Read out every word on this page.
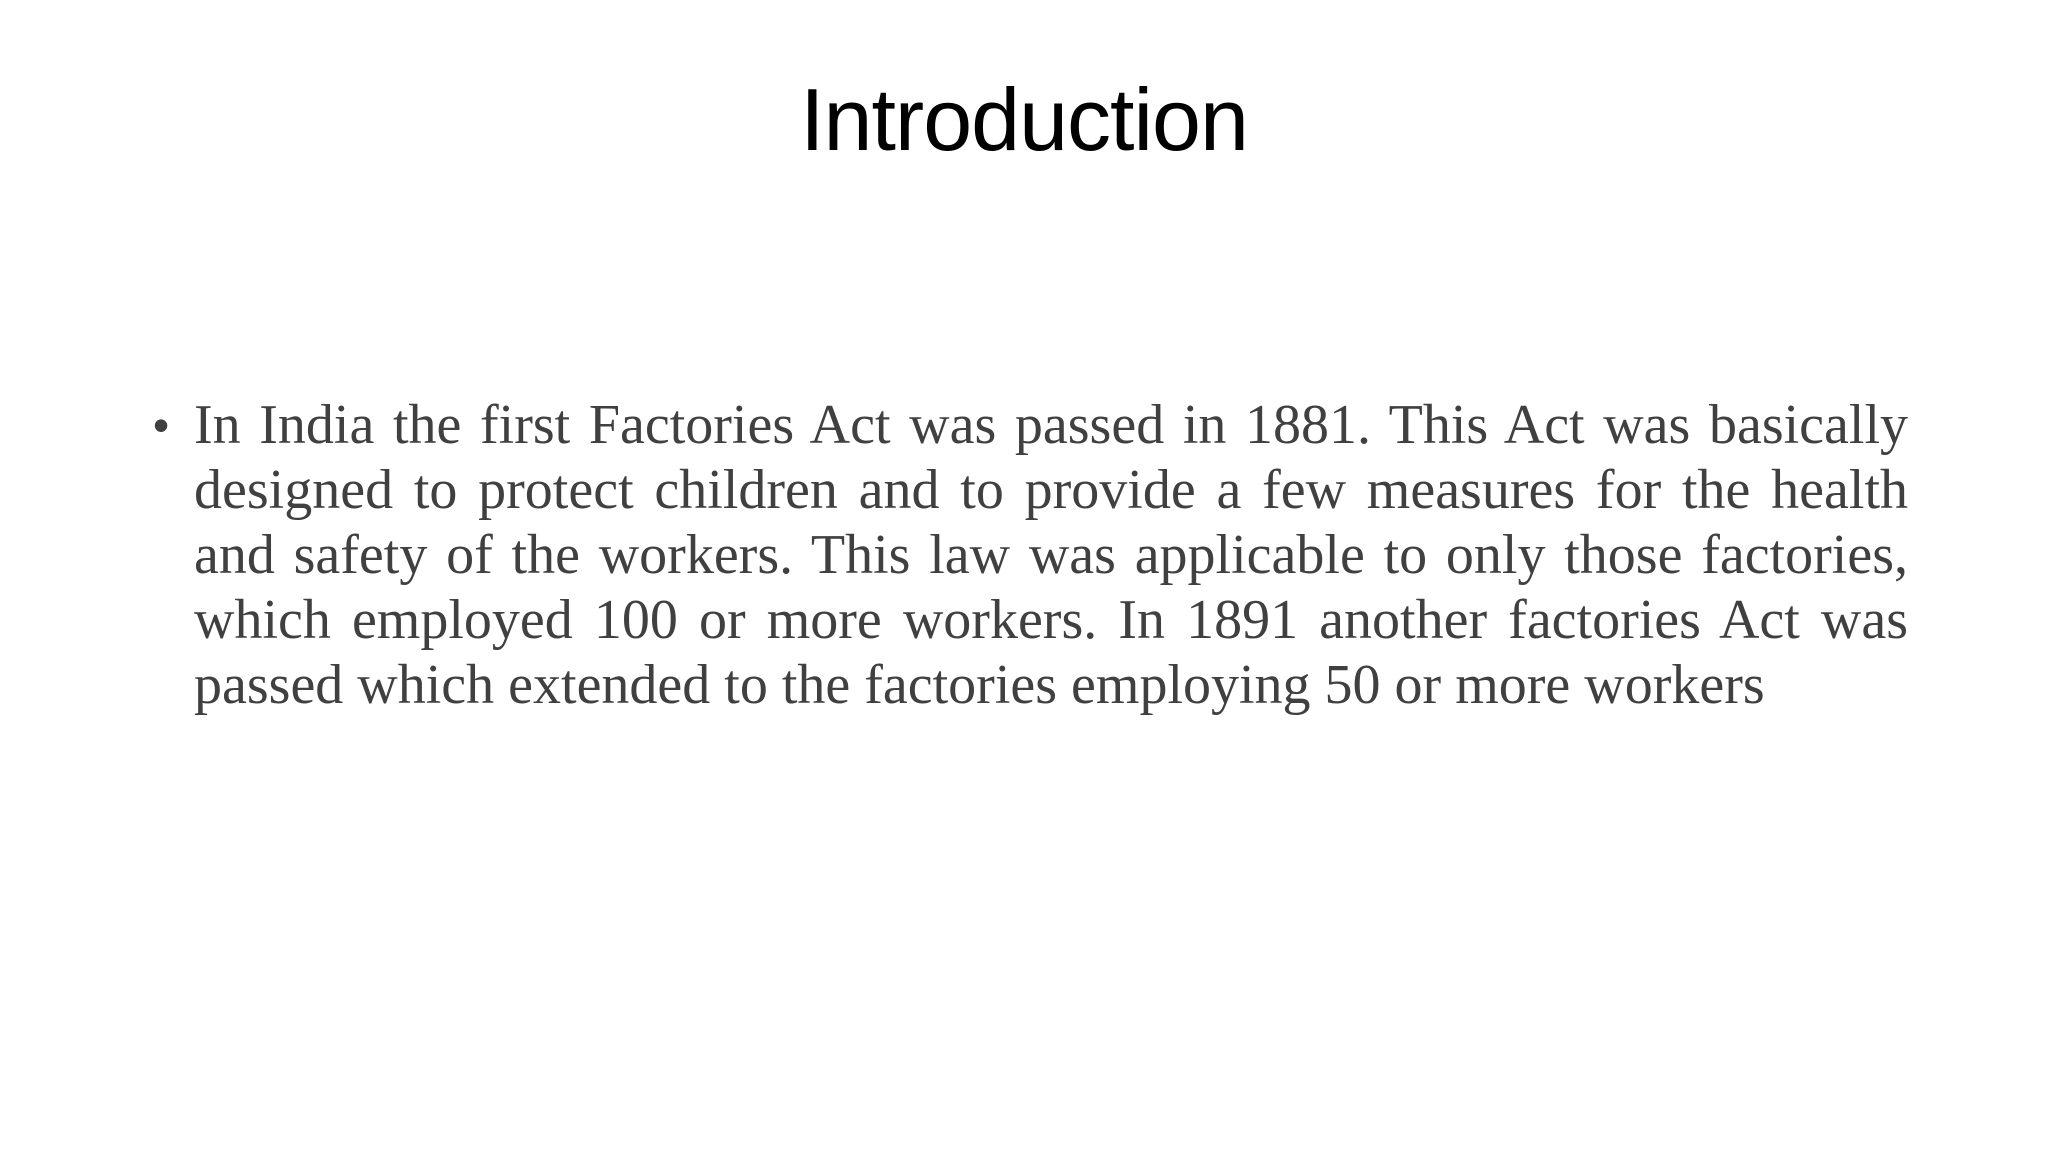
Introduction
• In India the first Factories Act was passed in 1881. This Act was basically designed to protect children and to provide a few measures for the health and safety of the workers. This law was applicable to only those factories, which employed 100 or more workers. In 1891 another factories Act was passed which extended to the factories employing 50 or more workers
